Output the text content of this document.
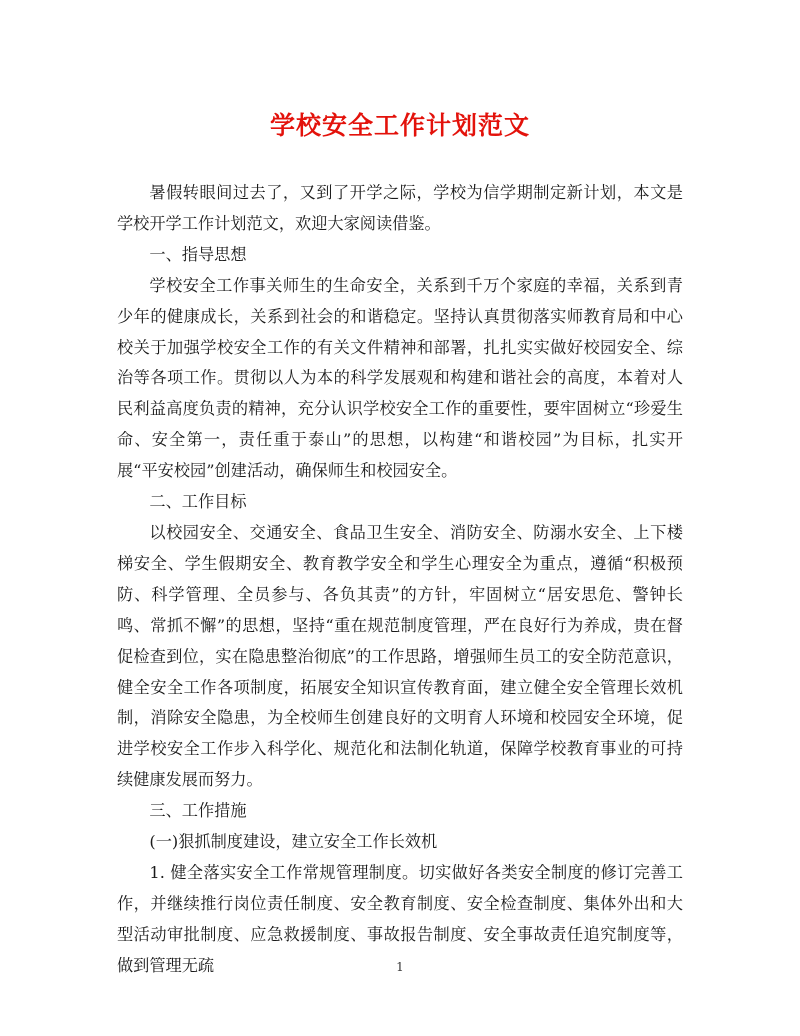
学校安全工作计划范文

暑假转眼间过去了，又到了开学之际，学校为信学期制定新计划，本文是学校开学工作计划范文，欢迎大家阅读借鉴。

一、指导思想

学校安全工作事关师生的生命安全，关系到千万个家庭的幸福，关系到青少年的健康成长，关系到社会的和谐稳定。坚持认真贯彻落实师教育局和中心校关于加强学校安全工作的有关文件精神和部署，扎扎实实做好校园安全、综治等各项工作。贯彻以人为本的科学发展观和构建和谐社会的高度，本着对人民利益高度负责的精神，充分认识学校安全工作的重要性，要牢固树立“珍爱生命、安全第一，责任重于泰山”的思想，以构建“和谐校园”为目标，扎实开展“平安校园”创建活动，确保师生和校园安全。

二、工作目标

以校园安全、交通安全、食品卫生安全、消防安全、防溺水安全、上下楼梯安全、学生假期安全、教育教学安全和学生心理安全为重点，遵循“积极预防、科学管理、全员参与、各负其责”的方针，牢固树立“居安思危、警钟长鸣、常抓不懈”的思想，坚持“重在规范制度管理，严在良好行为养成，贵在督促检查到位，实在隐患整治彻底”的工作思路，增强师生员工的安全防范意识，健全安全工作各项制度，拓展安全知识宣传教育面，建立健全安全管理长效机制，消除安全隐患，为全校师生创建良好的文明育人环境和校园安全环境，促进学校安全工作步入科学化、规范化和法制化轨道，保障学校教育事业的可持续健康发展而努力。

三、工作措施

(一)狠抓制度建设，建立安全工作长效机

1. 健全落实安全工作常规管理制度。切实做好各类安全制度的修订完善工作，并继续推行岗位责任制度、安全教育制度、安全检查制度、集体外出和大型活动审批制度、应急救援制度、事故报告制度、安全事故责任追究制度等，做到管理无疏	1
